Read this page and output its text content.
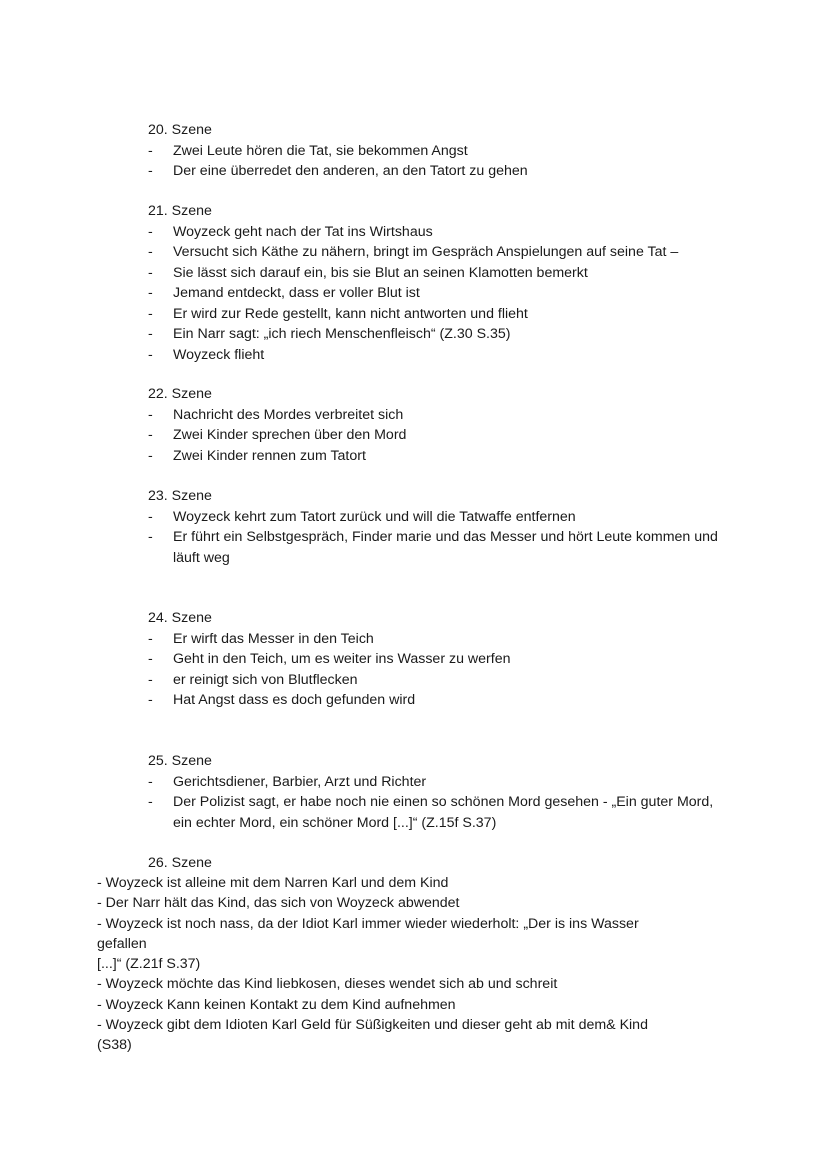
20. Szene
- Zwei Leute hören die Tat, sie bekommen Angst
- Der eine überredet den anderen, an den Tatort zu gehen
21. Szene
- Woyzeck geht nach der Tat ins Wirtshaus
- Versucht sich Käthe zu nähern, bringt im Gespräch Anspielungen auf seine Tat –
- Sie lässt sich darauf ein, bis sie Blut an seinen Klamotten bemerkt
- Jemand entdeckt, dass er voller Blut ist
- Er wird zur Rede gestellt, kann nicht antworten und flieht
- Ein Narr sagt: „ich riech Menschenfleisch“ (Z.30 S.35)
- Woyzeck flieht
22. Szene
- Nachricht des Mordes verbreitet sich
- Zwei Kinder sprechen über den Mord
- Zwei Kinder rennen zum Tatort
23. Szene
- Woyzeck kehrt zum Tatort zurück und will die Tatwaffe entfernen
- Er führt ein Selbstgespräch, Finder marie und das Messer und hört Leute kommen und läuft weg
24. Szene
- Er wirft das Messer in den Teich
- Geht in den Teich, um es weiter ins Wasser zu werfen
- er reinigt sich von Blutflecken
- Hat Angst dass es doch gefunden wird
25. Szene
- Gerichtsdiener, Barbier, Arzt und Richter
- Der Polizist sagt, er habe noch nie einen so schönen Mord gesehen - „Ein guter Mord, ein echter Mord, ein schöner Mord [...]“ (Z.15f S.37)
26. Szene
- Woyzeck ist alleine mit dem Narren Karl und dem Kind
- Der Narr hält das Kind, das sich von Woyzeck abwendet
- Woyzeck ist noch nass, da der Idiot Karl immer wieder wiederholt: „Der is ins Wasser
gefallen
[...]“ (Z.21f S.37)
- Woyzeck möchte das Kind liebkosen, dieses wendet sich ab und schreit
- Woyzeck Kann keinen Kontakt zu dem Kind aufnehmen
- Woyzeck gibt dem Idioten Karl Geld für Süßigkeiten und dieser geht ab mit dem& Kind
(S38)
